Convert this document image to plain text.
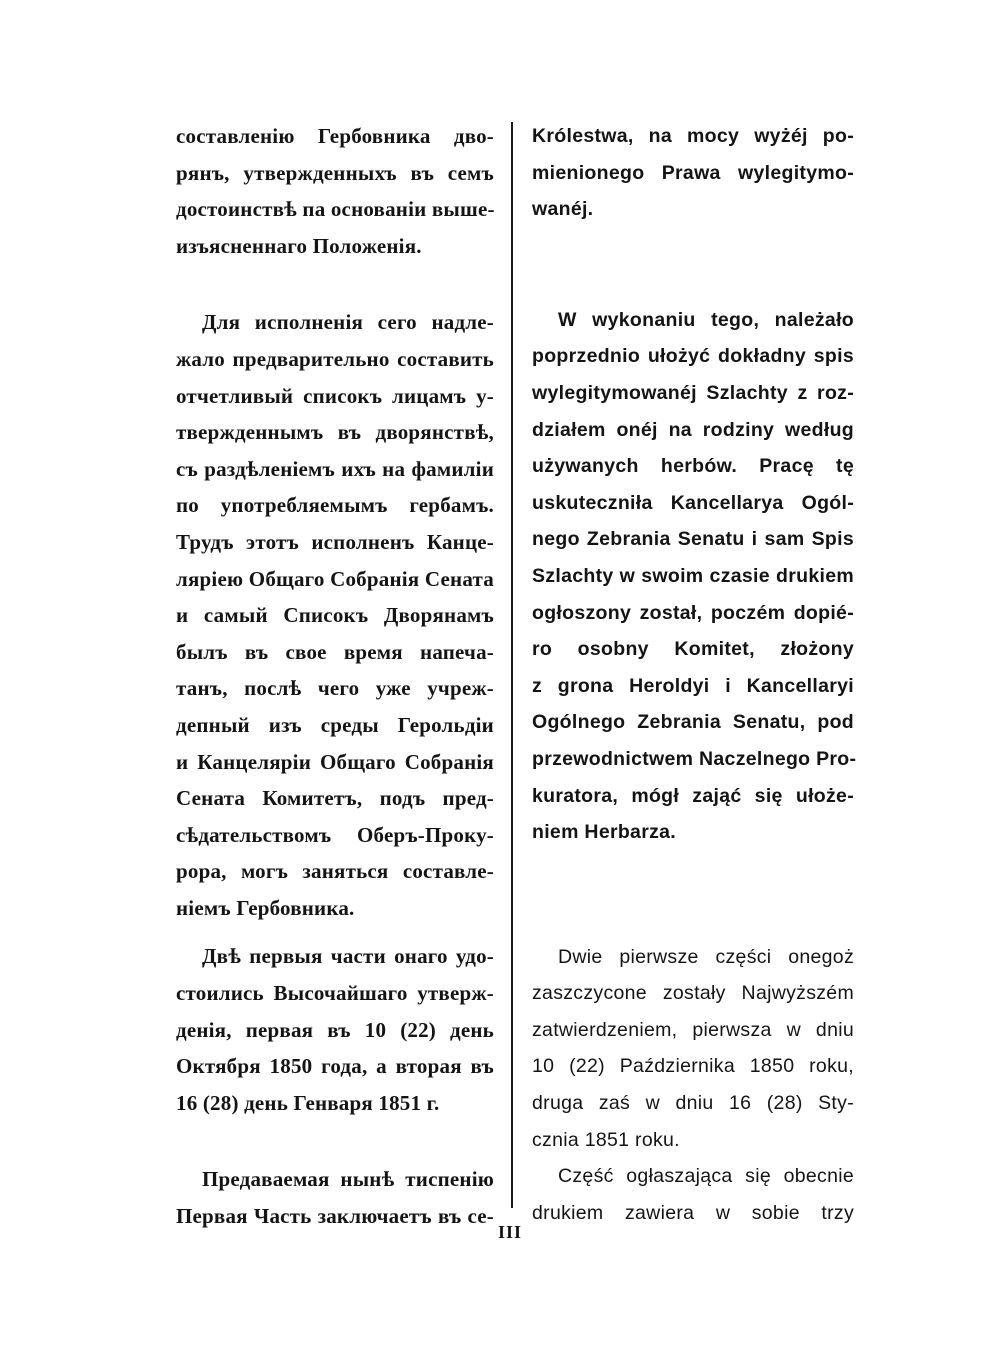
составленію Гербовника дво-
рянъ, утвержденныхъ въ семъ
достоинствѣ па основаніи выше-
изъясненнаго Положенія.
Для исполненія сего надле-
жало предварительно составить
отчетливый списокъ лицамъ у-
твержденнымъ въ дворянствѣ,
съ раздѣленіемъ ихъ на фамиліи
по употребляемымъ гербамъ.
Трудъ этотъ исполненъ Канце-
ляріею Общаго Собранія Сената
и самый Списокъ Дворянамъ
былъ въ свое время напеча-
танъ, послѣ чего уже учреж-
депный изъ среды Герольдіи
и Канцеляріи Общаго Собранія
Сената Комитетъ, подъ пред-
сѣдательствомъ Оберъ-Проку-
рора, могъ заняться составле-
ніемъ Гербовника.
Двѣ первыя части онаго удо-
стоились Высочайшаго утверж-
денія, первая въ 10 (22) день
Октября 1850 года, а вторая въ
16 (28) день Генваря 1851 г.
Предаваемая нынѣ тиспенію
Первая Часть заключаетъ въ се-
Królestwa, na mocy wyżéj po-
mienionego Prawa wylegitymo-
wanéj.
W wykonaniu tego, należało
poprzednio ułożyć dokładny spis
wylegitymowanéj Szlachty z roz-
działem onéj na rodziny według
używanych herbów. Pracę tę
uskuteczniła Kancellarya Ogól-
nego Zebrania Senatu i sam Spis
Szlachty w swoim czasie drukiem
ogłoszony został, poczém dopié-
ro osobny Komitet, złożony
z grona Heroldyi i Kancellaryi
Ogólnego Zebrania Senatu, pod
przewodnictwem Naczelnego Pro-
kuratora, mógł zająć się ułoże-
niem Herbarza.
Dwie pierwsze części onegoż
zaszczycone zostały Najwyższém
zatwierdzeniem, pierwsza w dniu
10 (22) Października 1850 roku,
druga zaś w dniu 16 (28) Sty-
cznia 1851 roku.
Część ogłaszająca się obecnie
drukiem zawiera w sobie trzy
III
